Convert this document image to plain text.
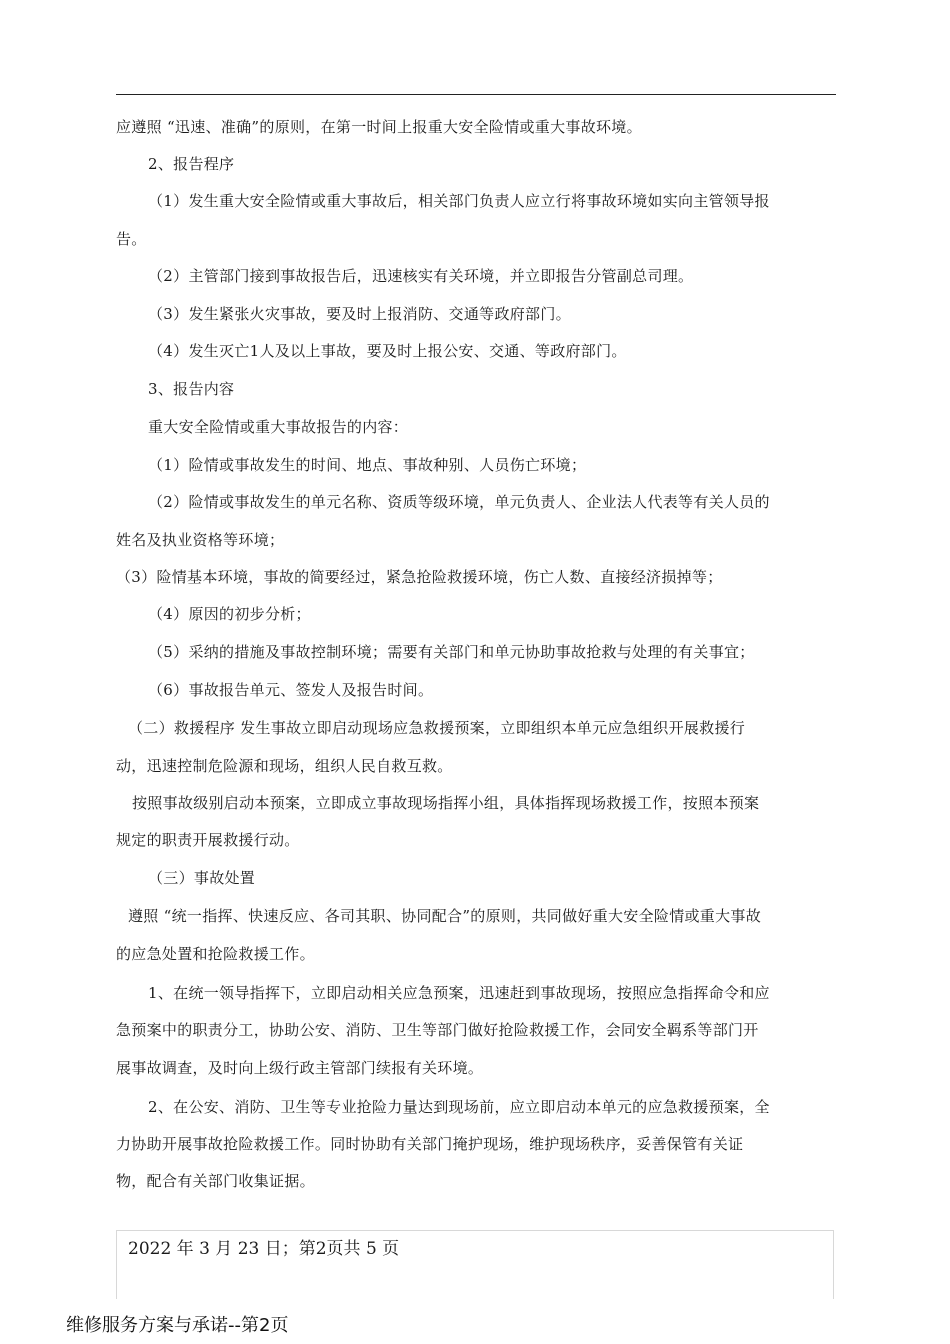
应遵照 “迅速、准确”的原则，在第一时间上报重大安全险情或重大事故环境。
2、报告程序
（1）发生重大安全险情或重大事故后，相关部门负责人应立行将事故环境如实向主管领导报
告。
（2）主管部门接到事故报告后，迅速核实有关环境，并立即报告分管副总司理。
（3）发生紧张火灾事故，要及时上报消防、交通等政府部门。
（4）发生灭亡1人及以上事故，要及时上报公安、交通、等政府部门。
3、报告内容
重大安全险情或重大事故报告的内容：
（1）险情或事故发生的时间、地点、事故种别、人员伤亡环境；
（2）险情或事故发生的单元名称、资质等级环境，单元负责人、企业法人代表等有关人员的
姓名及执业资格等环境；
（3）险情基本环境，事故的简要经过，紧急抢险救援环境，伤亡人数、直接经济损掉等；
（4）原因的初步分析；
（5）采纳的措施及事故控制环境；需要有关部门和单元协助事故抢救与处理的有关事宜；
（6）事故报告单元、签发人及报告时间。
（二）救援程序 发生事故立即启动现场应急救援预案，立即组织本单元应急组织开展救援行
动，迅速控制危险源和现场，组织人民自救互救。
按照事故级别启动本预案，立即成立事故现场指挥小组，具体指挥现场救援工作，按照本预案
规定的职责开展救援行动。
（三）事故处置
遵照 “统一指挥、快速反应、各司其职、协同配合”的原则，共同做好重大安全险情或重大事故
的应急处置和抢险救援工作。
1、在统一领导指挥下，立即启动相关应急预案，迅速赶到事故现场，按照应急指挥命令和应
急预案中的职责分工，协助公安、消防、卫生等部门做好抢险救援工作，会同安全羁系等部门开
展事故调查，及时向上级行政主管部门续报有关环境。
2、在公安、消防、卫生等专业抢险力量达到现场前，应立即启动本单元的应急救援预案，全
力协助开展事故抢险救援工作。同时协助有关部门掩护现场，维护现场秩序，妥善保管有关证
物，配合有关部门收集证据。
2022 年 3 月 23 日；第2页共 5 页
维修服务方案与承诺--第2页
